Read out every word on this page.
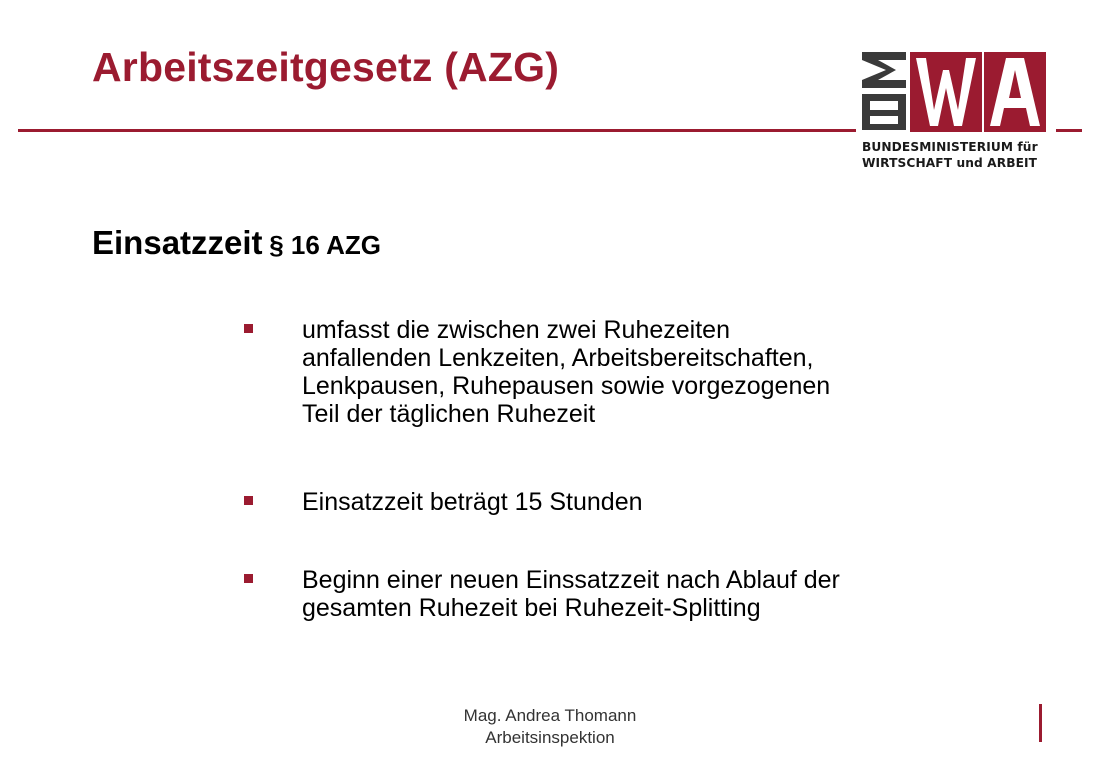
Arbeitszeitgesetz (AZG)
BUNDESMINISTERIUM für
WIRTSCHAFT und ARBEIT
Einsatzzeit § 16 AZG
umfasst die zwischen zwei Ruhezeiten
anfallenden Lenkzeiten, Arbeitsbereitschaften,
Lenkpausen, Ruhepausen sowie vorgezogenen
Teil der täglichen Ruhezeit
Einsatzzeit beträgt 15 Stunden
Beginn einer neuen Einssatzzeit nach Ablauf der
gesamten Ruhezeit bei Ruhezeit-Splitting
Mag. Andrea Thomann
Arbeitsinspektion
